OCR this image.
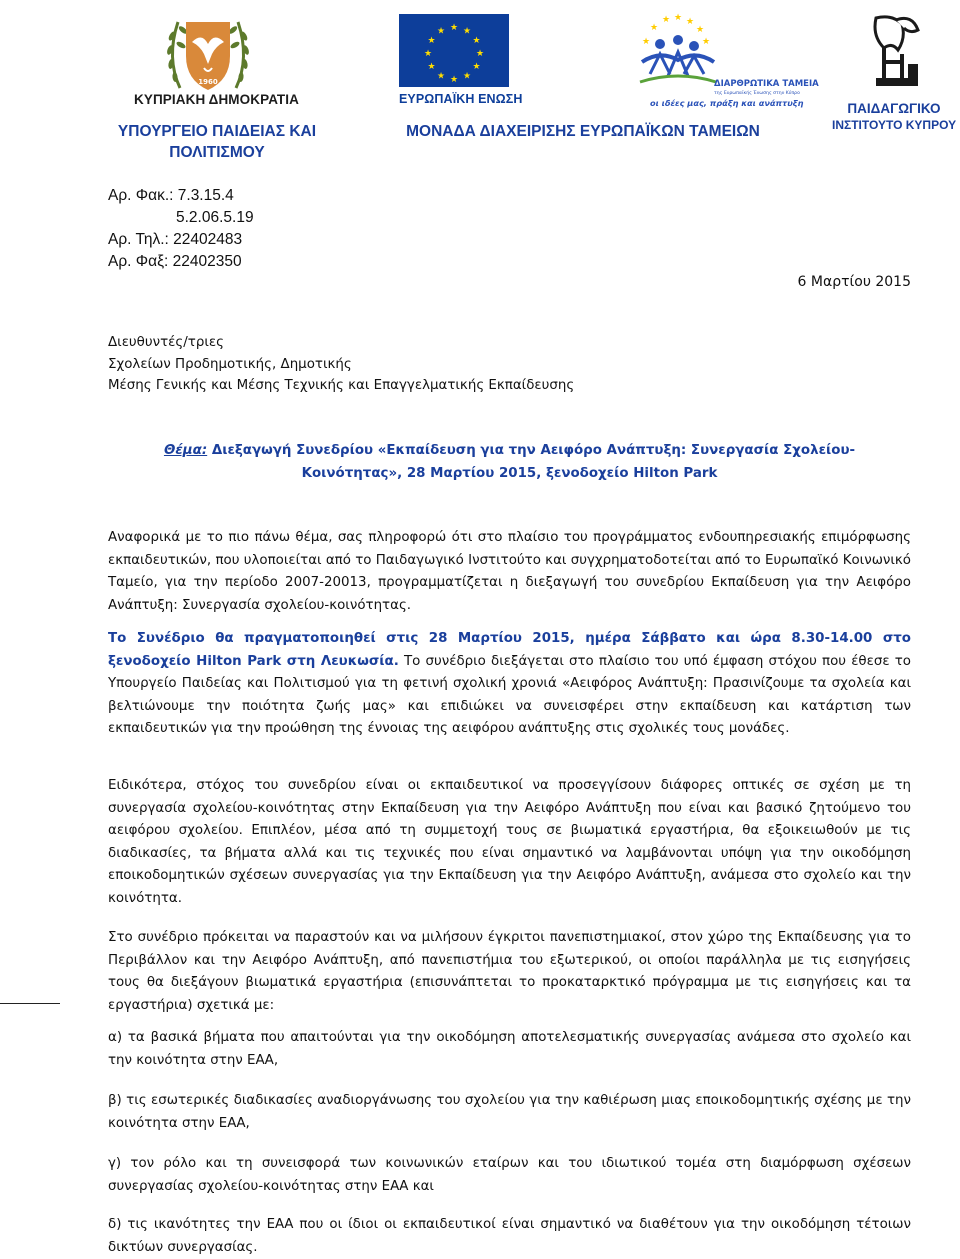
1960
ΚΥΠΡΙΑΚΗ ΔΗΜΟΚΡΑΤΙΑ
★ ★
★
★
★
★
★
★
★
★
★
★
ΕΥΡΩΠΑΪΚΗ ΕΝΩΣΗ
★ ★ ★
★	★
★	★
ΔΙΑΡΘΡΩΤΙΚΑ ΤΑΜΕΙΑ
της Ευρωπαϊκής Ένωσης στην Κύπρο
οι ιδέες μας, πράξη και ανάπτυξη	ΠΑΙΔΑΓΩΓΙΚΟ
ΙΝΣΤΙΤΟΥΤΟ ΚΥΠΡΟΥ
ΥΠΟΥΡΓΕΙΟ ΠΑΙΔΕΙΑΣ ΚΑΙ ΠΟΛΙΤΙΣΜΟΥ
ΜΟΝΑΔΑ ΔΙΑΧΕΙΡΙΣΗΣ ΕΥΡΩΠΑΪΚΩΝ ΤΑΜΕΙΩΝ
Αρ. Φακ.: 7.3.15.4
5.2.06.5.19
Αρ. Τηλ.: 22402483
Αρ. Φαξ: 22402350
6 Μαρτίου 2015
Διευθυντές/τριες
Σχολείων Προδημοτικής, Δημοτικής
Μέσης Γενικής και Μέσης Τεχνικής και Επαγγελματικής Εκπαίδευσης
Θέμα: Διεξαγωγή Συνεδρίου «Εκπαίδευση για την Αειφόρο Ανάπτυξη: Συνεργασία Σχολείου-
Κοινότητας», 28 Μαρτίου 2015, ξενοδοχείο Hilton Park

Αναφορικά με το πιο πάνω θέμα, σας πληροφορώ ότι στο πλαίσιο του προγράμματος ενδουπηρεσιακής επιμόρφωσης εκπαιδευτικών, που υλοποιείται από το Παιδαγωγικό Ινστιτούτο και συγχρηματοδοτείται από το Ευρωπαϊκό Κοινωνικό Ταμείο, για την περίοδο 2007-20013, προγραμματίζεται η διεξαγωγή του συνεδρίου Εκπαίδευση για την Αειφόρο Ανάπτυξη: Συνεργασία σχολείου-κοινότητας.

Το Συνέδριο θα πραγματοποιηθεί στις 28 Μαρτίου 2015, ημέρα Σάββατο και ώρα 8.30-14.00 στο ξενοδοχείο Hilton Park στη Λευκωσία. Το συνέδριο διεξάγεται στο πλαίσιο του υπό έμφαση στόχου που έθεσε το Υπουργείο Παιδείας και Πολιτισμού για τη φετινή σχολική χρονιά «Αειφόρος Ανάπτυξη: Πρασινίζουμε τα σχολεία και βελτιώνουμε την ποιότητα ζωής μας» και επιδιώκει να συνεισφέρει στην εκπαίδευση και κατάρτιση των εκπαιδευτικών για την προώθηση της έννοιας της αειφόρου ανάπτυξης στις σχολικές τους μονάδες.

Ειδικότερα, στόχος του συνεδρίου είναι οι εκπαιδευτικοί να προσεγγίσουν διάφορες οπτικές σε σχέση με τη συνεργασία σχολείου-κοινότητας στην Εκπαίδευση για την Αειφόρο Ανάπτυξη που είναι και βασικό ζητούμενο του αειφόρου σχολείου. Επιπλέον, μέσα από τη συμμετοχή τους σε βιωματικά εργαστήρια, θα εξοικειωθούν με τις διαδικασίες, τα βήματα αλλά και τις τεχνικές που είναι σημαντικό να λαμβάνονται υπόψη για την οικοδόμηση εποικοδομητικών σχέσεων συνεργασίας για την Εκπαίδευση για την Αειφόρο Ανάπτυξη, ανάμεσα στο σχολείο και την κοινότητα.

Στο συνέδριο πρόκειται να παραστούν και να μιλήσουν έγκριτοι πανεπιστημιακοί, στον χώρο της Εκπαίδευσης για το Περιβάλλον και την Αειφόρο Ανάπτυξη, από πανεπιστήμια του εξωτερικού, οι οποίοι παράλληλα με τις εισηγήσεις τους θα διεξάγουν βιωματικά εργαστήρια (επισυνάπτεται το προκαταρκτικό πρόγραμμα με τις εισηγήσεις και τα εργαστήρια) σχετικά με:

α) τα βασικά βήματα που απαιτούνται για την οικοδόμηση αποτελεσματικής συνεργασίας ανάμεσα στο σχολείο και την κοινότητα στην ΕΑΑ,

β) τις εσωτερικές διαδικασίες αναδιοργάνωσης του σχολείου για την καθιέρωση μιας εποικοδομητικής σχέσης με την κοινότητα στην ΕΑΑ,

γ) τον ρόλο και τη συνεισφορά των κοινωνικών εταίρων και του ιδιωτικού τομέα στη διαμόρφωση σχέσεων συνεργασίας σχολείου-κοινότητας στην ΕΑΑ και

δ) τις ικανότητες την ΕΑΑ που οι ίδιοι οι εκπαιδευτικοί είναι σημαντικό να διαθέτουν για την οικοδόμηση τέτοιων δικτύων συνεργασίας.
